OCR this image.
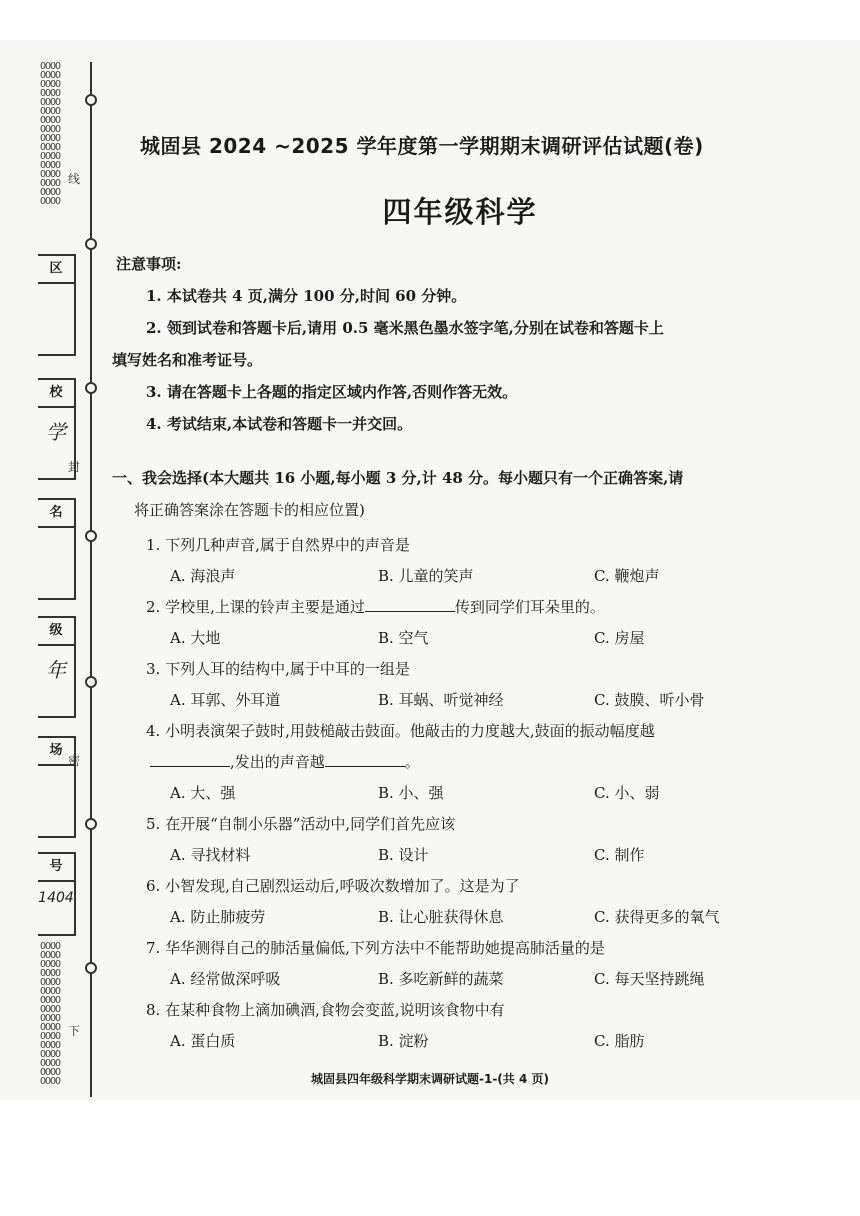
OOOO
OOOO
OOOO
OOOO
OOOO
OOOO
OOOO
OOOO
OOOO
OOOO
OOOO
OOOO
OOOO
OOOO
OOOO
OOOO
OOOO
OOOO
OOOO
OOOO
OOOO
OOOO
OOOO
OOOO
OOOO
OOOO
OOOO
OOOO
OOOO
OOOO
OOOO
OOOO
线
封
密
下
区
校
学
名
级
年
场
号
1404
城固县 2024 ~2025 学年度第一学期期末调研评估试题(卷)
四年级科学
注意事项:
1. 本试卷共 4 页,满分 100 分,时间 60 分钟。
2. 领到试卷和答题卡后,请用 0.5 毫米黑色墨水签字笔,分别在试卷和答题卡上
填写姓名和准考证号。
3. 请在答题卡上各题的指定区域内作答,否则作答无效。
4. 考试结束,本试卷和答题卡一并交回。
一、我会选择(本大题共 16 小题,每小题 3 分,计 48 分。每小题只有一个正确答案,请
将正确答案涂在答题卡的相应位置)
1. 下列几种声音,属于自然界中的声音是
A. 海浪声	B. 儿童的笑声	C. 鞭炮声
2. 学校里,上课的铃声主要是通过	传到同学们耳朵里的。
A. 大地	B. 空气	C. 房屋
3. 下列人耳的结构中,属于中耳的一组是
A. 耳郭、外耳道	B. 耳蜗、听觉神经	C. 鼓膜、听小骨
4. 小明表演架子鼓时,用鼓槌敲击鼓面。他敲击的力度越大,鼓面的振动幅度越
,发出的声音越	。
A. 大、强	B. 小、强	C. 小、弱
5. 在开展“自制小乐器”活动中,同学们首先应该
A. 寻找材料	B. 设计	C. 制作
6. 小智发现,自己剧烈运动后,呼吸次数增加了。这是为了
A. 防止肺疲劳	B. 让心脏获得休息	C. 获得更多的氧气
7. 华华测得自己的肺活量偏低,下列方法中不能帮助她提高肺活量的是
A. 经常做深呼吸	B. 多吃新鲜的蔬菜	C. 每天坚持跳绳
8. 在某种食物上滴加碘酒,食物会变蓝,说明该食物中有
A. 蛋白质	B. 淀粉	C. 脂肪
城固县四年级科学期末调研试题-1-(共 4 页)
